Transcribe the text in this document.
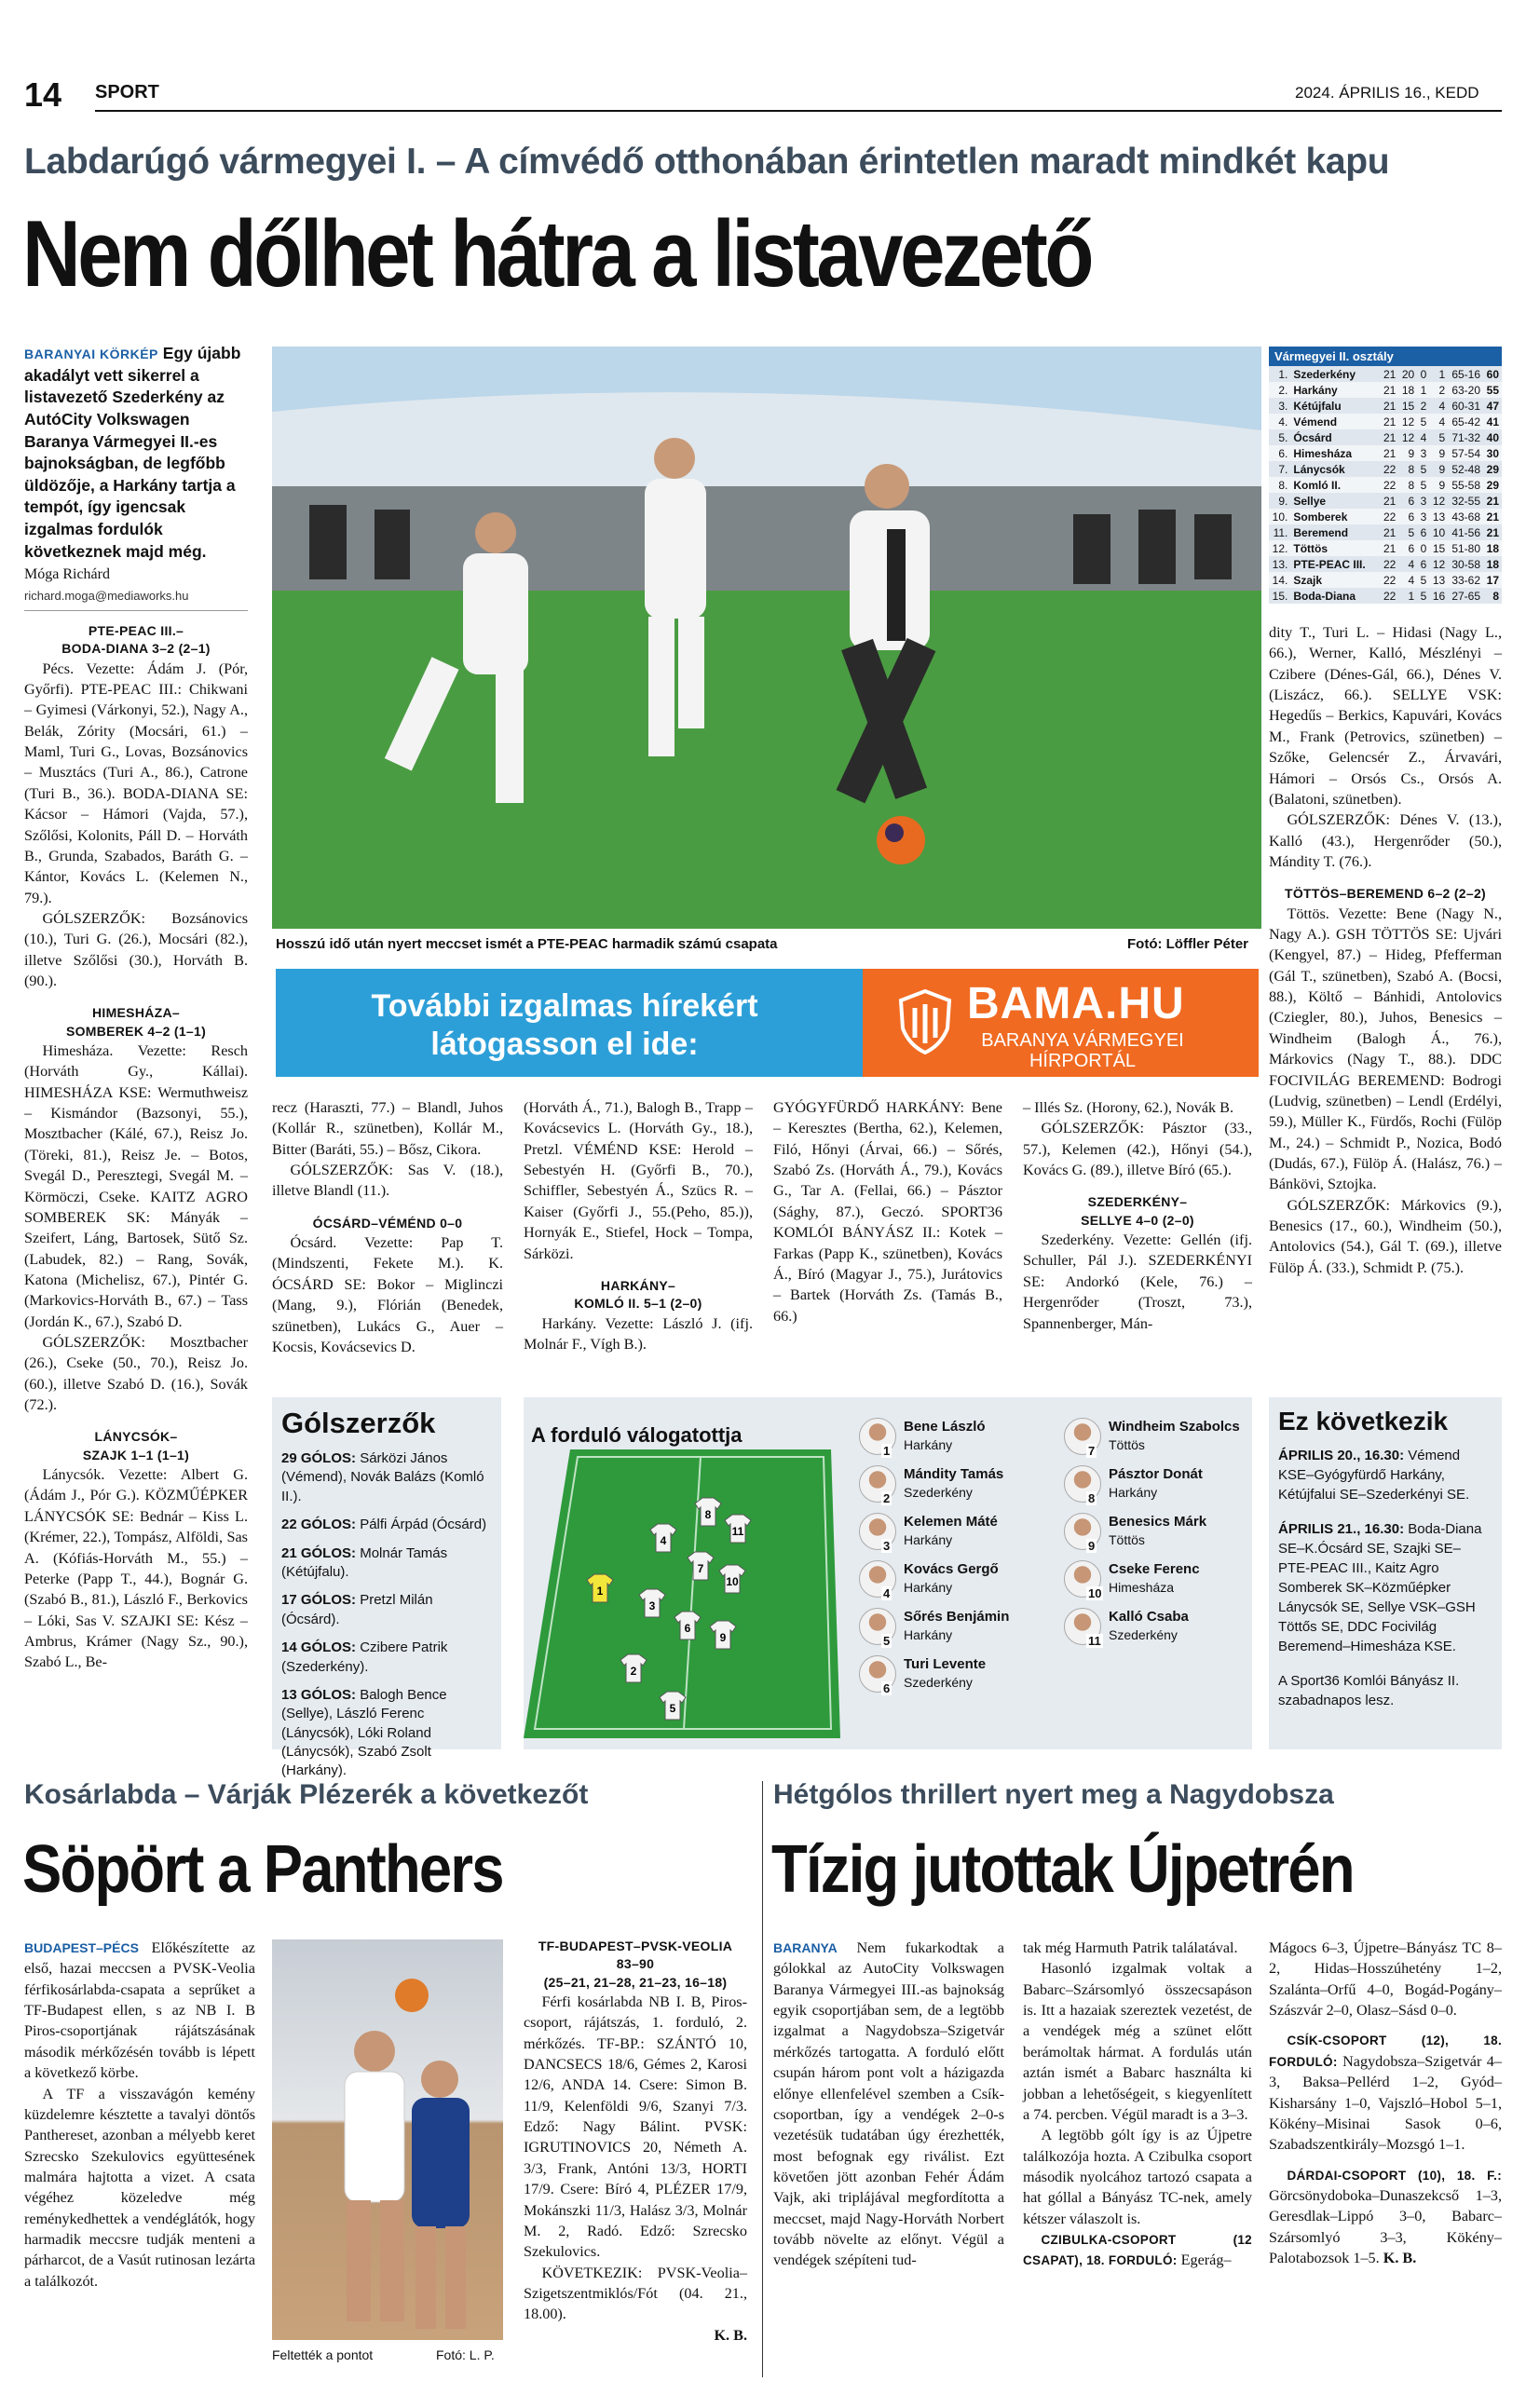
14 SPORT	2024. ÁPRILIS 16., KEDD
Labdarúgó vármegyei I. – A címvédő otthonában érintetlen maradt mindkét kapu
Nem dőlhet hátra a listavezető
BARANYAI KÖRKÉP Egy újabb akadályt vett sikerrel a listavezető Szederkény az AutóCity Volkswagen Baranya Vármegyei II.-es bajnokságban, de legfőbb üldözője, a Harkány tartja a tempót, így igencsak izgalmas fordulók következnek majd még.
Móga Richárd
richard.moga@mediaworks.hu

PTE-PEAC III.–

BODA-DIANA 3–2 (2–1)

Pécs. Vezette: Ádám J. (Pór, Győrfi). PTE-PEAC III.: Chikwani – Gyimesi (Várkonyi, 52.), Nagy A., Belák, Zórity (Mocsári, 61.) – Maml, Turi G., Lovas, Bozsánovics – Musztács (Turi A., 86.), Catrone (Turi B., 36.). BODA-DIANA SE: Kácsor – Hámori (Vajda, 57.), Szőlősi, Kolonits, Páll D. – Horváth B., Grunda, Szabados, Baráth G. – Kántor, Kovács L. (Kelemen N., 79.).

GÓLSZERZŐK: Bozsánovics (10.), Turi G. (26.), Mocsári (82.), illetve Szőlősi (30.), Horváth B. (90.).

HIMESHÁZA–

SOMBEREK 4–2 (1–1)

Himesháza. Vezette: Resch (Horváth Gy., Kállai). HIMESHÁZA KSE: Wermuthweisz – Kismándor (Bazsonyi, 55.), Mosztbacher (Kálé, 67.), Reisz Jo. (Töreki, 81.), Reisz Je. – Botos, Svegál D., Peresztegi, Svegál M. – Körmöczi, Cseke. KAITZ AGRO SOMBEREK SK: Mányák – Szeifert, Láng, Bartosek, Sütő Sz. (Labudek, 82.) – Rang, Sovák, Katona (Michelisz, 67.), Pintér G. (Markovics-Horváth B., 67.) – Tass (Jordán K., 67.), Szabó D.

GÓLSZERZŐK: Mosztbacher (26.), Cseke (50., 70.), Reisz Jo. (60.), illetve Szabó D. (16.), Sovák (72.).

LÁNYCSÓK–

SZAJK 1–1 (1–1)

Lánycsók. Vezette: Albert G. (Ádám J., Pór G.). KÖZMŰÉPKER LÁNYCSÓK SE: Bednár – Kiss L. (Krémer, 22.), Tompász, Alföldi, Sas A. (Kófiás-Horváth M., 55.) – Peterke (Papp T., 44.), Bognár G. (Szabó B., 81.), László F., Berkovics – Lóki, Sas V. SZAJKI SE: Kész – Ambrus, Krámer (Nagy Sz., 90.), Szabó L., Be-

Hosszú idő után nyert meccset ismét a PTE-PEAC harmadik számú csapata	Fotó: Löffler Péter
További izgalmas hírekért
látogasson el ide:
BAMA.HU
BARANYA VÁRMEGYEI
HÍRPORTÁL
Vármegyei II. osztály
1.	Szederkény	21	20	0	1	65-16	60
2.	Harkány	21	18	1	2	63-20	55
3.	Kétújfalu	21	15	2	4	60-31	47
4.	Vémend	21	12	5	4	65-42	41
5.	Ócsárd	21	12	4	5	71-32	40
6.	Himesháza	21	9	3	9	57-54	30
7.	Lánycsók	22	8	5	9	52-48	29
8.	Komló II.	22	8	5	9	55-58	29
9.	Sellye	21	6	3	12	32-55	21
10.	Somberek	22	6	3	13	43-68	21
11.	Beremend	21	5	6	10	41-56	21
12.	Töttös	21	6	0	15	51-80	18
13.	PTE-PEAC III.	22	4	6	12	30-58	18
14.	Szajk	22	4	5	13	33-62	17
15.	Boda-Diana	22	1	5	16	27-65	8

dity T., Turi L. – Hidasi (Nagy L., 66.), Werner, Kalló, Mészlényi – Czibere (Dénes-Gál, 66.), Dénes V. (Liszácz, 66.). SELLYE VSK: Hegedűs – Berkics, Kapuvári, Kovács M., Frank (Petrovics, szünetben) – Szőke, Gelencsér Z., Árvavári, Hámori – Orsós Cs., Orsós A. (Balatoni, szünetben).

GÓLSZERZŐK: Dénes V. (13.), Kalló (43.), Hergenrőder (50.), Mándity T. (76.).

TÖTTÖS–BEREMEND 6–2 (2–2)

Töttös. Vezette: Bene (Nagy N., Nagy A.). GSH TÖTTÖS SE: Ujvári (Kengyel, 87.) – Hideg, Pfefferman (Gál T., szünetben), Szabó A. (Bocsi, 88.), Költő – Bánhidi, Antolovics (Cziegler, 80.), Juhos, Benesics – Windheim (Balogh Á., 76.), Márkovics (Nagy T., 88.). DDC FOCIVILÁG BEREMEND: Bodrogi (Ludvig, szünetben) – Lendl (Erdélyi, 59.), Müller K., Fürdős, Rochi (Fülöp M., 24.) – Schmidt P., Nozica, Bodó (Dudás, 67.), Fülöp Á. (Halász, 76.) – Bánkövi, Sztojka.

GÓLSZERZŐK: Márkovics (9.), Benesics (17., 60.), Windheim (50.), Antolovics (54.), Gál T. (69.), illetve Fülöp Á. (33.), Schmidt P. (75.).

recz (Haraszti, 77.) – Blandl, Juhos (Kollár R., szünetben), Kollár M., Bitter (Baráti, 55.) – Bősz, Cikora.

GÓLSZERZŐK: Sas V. (18.), illetve Blandl (11.).

ÓCSÁRD–VÉMÉND 0–0

Ócsárd. Vezette: Pap T. (Mindszenti, Fekete M.). K. ÓCSÁRD SE: Bokor – Miglinczi (Mang, 9.), Flórián (Benedek, szünetben), Lukács G., Auer – Kocsis, Kovácsevics D.

(Horváth Á., 71.), Balogh B., Trapp – Kovácsevics L. (Horváth Gy., 18.), Pretzl. VÉMÉND KSE: Herold – Sebestyén H. (Győrfi B., 70.), Schiffler, Sebestyén Á., Szücs R. – Kaiser (Győrfi J., 55.(Peho, 85.)), Hornyák E., Stiefel, Hock – Tompa, Sárközi.

HARKÁNY–

KOMLÓ II. 5–1 (2–0)

Harkány. Vezette: László J. (ifj. Molnár F., Vígh B.).

GYÓGYFÜRDŐ HARKÁNY: Bene – Keresztes (Bertha, 62.), Kelemen, Filó, Hőnyi (Árvai, 66.) – Sőrés, Szabó Zs. (Horváth Á., 79.), Kovács G., Tar A. (Fellai, 66.) – Pásztor (Sághy, 87.), Geczó. SPORT36 KOMLÓI BÁNYÁSZ II.: Kotek – Farkas (Papp K., szünetben), Kovács Á., Bíró (Magyar J., 75.), Jurátovics – Bartek (Horváth Zs. (Tamás B., 66.)

– Illés Sz. (Horony, 62.), Novák B.

GÓLSZERZŐK: Pásztor (33., 57.), Kelemen (42.), Hőnyi (54.), Kovács G. (89.), illetve Bíró (65.).

SZEDERKÉNY–

SELLYE 4–0 (2–0)

Szederkény. Vezette: Gellén (ifj. Schuller, Pál J.). SZEDERKÉNYI SE: Andorkó (Kele, 76.) – Hergenrőder (Troszt, 73.), Spannenberger, Mán-

Gólszerzők

29 GÓLOS: Sárközi János (Vémend), Novák Balázs (Komló II.).

22 GÓLOS: Pálfi Árpád (Ócsárd)

21 GÓLOS: Molnár Tamás (Kétújfalu).

17 GÓLOS: Pretzl Milán (Ócsárd).

14 GÓLOS: Czibere Patrik (Szederkény).

13 GÓLOS: Balogh Bence (Sellye), László Ferenc (Lánycsók), Lóki Roland (Lánycsók), Szabó Zsolt (Harkány).

A forduló válogatottja
1
2
3
4
5
6
7
8
9
10
11
1
Bene László
Harkány
2
Mándity Tamás
Szederkény
3
Kelemen Máté
Harkány
4
Kovács Gergő
Harkány
5
Sőrés Benjámin
Harkány
6
Turi Levente
Szederkény
7
Windheim Szabolcs
Töttös
8
Pásztor Donát
Harkány
9
Benesics Márk
Töttös
10
Cseke Ferenc
Himesháza
11
Kalló Csaba
Szederkény
Ez következik

ÁPRILIS 20., 16.30: Vémend KSE–Gyógyfürdő Harkány, Kétújfalui SE–Szederkényi SE.

ÁPRILIS 21., 16.30: Boda-Diana SE–K.Ócsárd SE, Szajki SE–PTE-PEAC III., Kaitz Agro Somberek SK–Közműépker Lánycsók SE, Sellye VSK–GSH Töttős SE, DDC Focivilág Beremend–Himesháza KSE.

A Sport36 Komlói Bányász II. szabadnapos lesz.

Kosárlabda – Várják Plézerék a következőt
Söpört a Panthers

BUDAPEST–PÉCS Előkészítette az első, hazai meccsen a PVSK-Veolia férfikosárlabda-csapata a seprűket a TF-Budapest ellen, s az NB I. B Piros-csoportjának rájátszásának második mérkőzésén tovább is lépett a következő körbe.

A TF a visszavágón kemény küzdelemre késztette a tavalyi döntős Panthereset, azonban a mélyebb keret Szrecsko Szekulovics együttesének malmára hajtotta a vizet. A csata végéhez közeledve még reménykedhettek a vendéglátók, hogy harmadik meccsre tudják menteni a párharcot, de a Vasút rutinosan lezárta a találkozót.

Feltették a pontot	Fotó: L. P.

TF-BUDAPEST–PVSK-VEOLIA

83–90

(25–21, 21–28, 21–23, 16–18)

Férfi kosárlabda NB I. B, Piros-csoport, rájátszás, 1. forduló, 2. mérkőzés. TF-BP.: SZÁNTÓ 10, DANCSECS 18/6, Gémes 2, Karosi 12/6, ANDA 14. Csere: Simon B. 11/9, Kelenföldi 9/6, Szanyi 7/3. Edző: Nagy Bálint. PVSK: IGRUTINOVICS 20, Németh A. 3/3, Frank, Antóni 13/3, HORTI 17/9. Csere: Bíró 4, PLÉZER 17/9, Mokánszki 11/3, Halász 3/3, Molnár M. 2, Radó. Edző: Szrecsko Szekulovics.

KÖVETKEZIK: PVSK-Veolia–Szigetszentmiklós/Fót (04. 21., 18.00).

K. B.

Hétgólos thrillert nyert meg a Nagydobsza
Tízig jutottak Újpetrén

BARANYA Nem fukarkodtak a gólokkal az AutoCity Volkswagen Baranya Vármegyei III.-as bajnokság egyik csoportjában sem, de a legtöbb izgalmat a Nagydobsza–Szigetvár mérkőzés tartogatta. A forduló előtt csupán három pont volt a házigazda előnye ellenfelével szemben a Csík-csoportban, így a vendégek 2–0-s vezetésük tudatában úgy érezhették, most befognak egy riválist. Ezt követően jött azonban Fehér Ádám Vajk, aki triplájával megfordította a meccset, majd Nagy-Horváth Norbert tovább növelte az előnyt. Végül a vendégek szépíteni tud-

tak még Harmuth Patrik találatával.

Hasonló izgalmak voltak a Babarc–Szársomlyó összecsapáson is. Itt a hazaiak szereztek vezetést, de a vendégek még a szünet előtt berámoltak hármat. A fordulás után aztán ismét a Babarc használta ki jobban a lehetőségeit, s kiegyenlített a 74. percben. Végül maradt is a 3–3.

A legtöbb gólt így is az Újpetre találkozója hozta. A Czibulka csoport második nyolcához tartozó csapata a hat góllal a Bányász TC-nek, amely kétszer válaszolt is.

CZIBULKA-CSOPORT (12 CSAPAT), 18. FORDULÓ: Egerág–

Mágocs 6–3, Újpetre–Bányász TC 8–2, Hidas–Hosszúhetény 1–2, Szalánta–Orfű 4–0, Bogád-Pogány–Szászvár 2–0, Olasz–Sásd 0–0.

CSÍK-CSOPORT (12), 18. FORDULÓ: Nagydobsza–Szigetvár 4–3, Baksa–Pellérd 1–2, Gyód–Kisharsány 1–0, Vajszló–Hobol 5–1, Kökény–Misinai Sasok 0–6, Szabadszentkirály–Mozsgó 1–1.

DÁRDAI-CSOPORT (10), 18. F.: Görcsönydoboka–Dunaszekcső 1–3, Geresdlak–Lippó 3–0, Babarc–Szársomlyó 3–3, Kökény–Palotabozsok 1–5. K. B.
